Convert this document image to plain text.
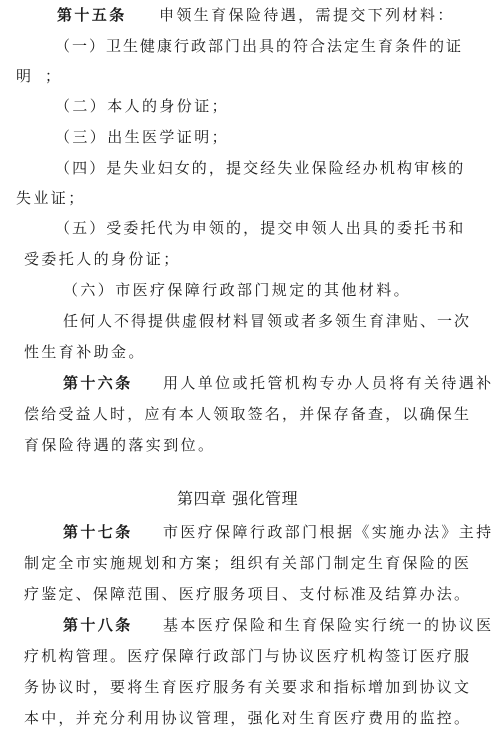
第十五条 申领生育保险待遇，需提交下列材料：
（一）卫生健康行政部门出具的符合法定生育条件的证
明；
（二）本人的身份证；
（三）出生医学证明；
（四）是失业妇女的，提交经失业保险经办机构审核的
失业证；
（五）受委托代为申领的，提交申领人出具的委托书和
受委托人的身份证；
（六）市医疗保障行政部门规定的其他材料。
任何人不得提供虚假材料冒领或者多领生育津贴、一次
性生育补助金。
第十六条 用人单位或托管机构专办人员将有关待遇补
偿给受益人时，应有本人领取签名，并保存备查，以确保生
育保险待遇的落实到位。
第四章 强化管理
第十七条 市医疗保障行政部门根据《实施办法》主持
制定全市实施规划和方案；组织有关部门制定生育保险的医
疗鉴定、保障范围、医疗服务项目、支付标准及结算办法。
第十八条 基本医疗保险和生育保险实行统一的协议医
疗机构管理。医疗保障行政部门与协议医疗机构签订医疗服
务协议时，要将生育医疗服务有关要求和指标增加到协议文
本中，并充分利用协议管理，强化对生育医疗费用的监控。
